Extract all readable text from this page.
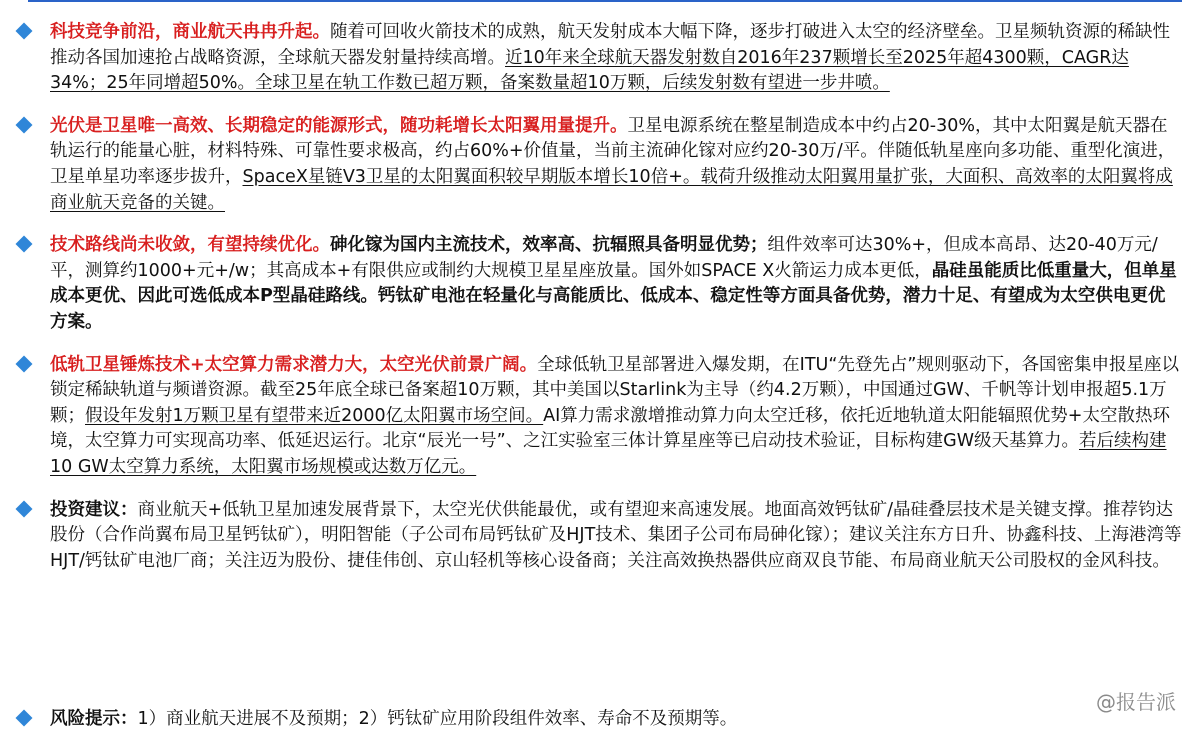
科技竞争前沿，商业航天冉冉升起。随着可回收火箭技术的成熟，航天发射成本大幅下降，逐步打破进入太空的经济壁垒。卫星频轨资源的稀缺性推动各国加速抢占战略资源，全球航天器发射量持续高增。近10年来全球航天器发射数自2016年237颗增长至2025年超4300颗，CAGR达34%；25年同增超50%。全球卫星在轨工作数已超万颗，备案数量超10万颗，后续发射数有望进一步井喷。
光伏是卫星唯一高效、长期稳定的能源形式，随功耗增长太阳翼用量提升。卫星电源系统在整星制造成本中约占20-30%，其中太阳翼是航天器在轨运行的能量心脏，材料特殊、可靠性要求极高，约占60%+价值量，当前主流砷化镓对应约20-30万/平。伴随低轨星座向多功能、重型化演进，卫星单星功率逐步拔升，SpaceX星链V3卫星的太阳翼面积较早期版本增长10倍+。载荷升级推动太阳翼用量扩张，大面积、高效率的太阳翼将成商业航天竞备的关键。
技术路线尚未收敛，有望持续优化。砷化镓为国内主流技术，效率高、抗辐照具备明显优势；组件效率可达30%+，但成本高昂、达20-40万元/平，测算约1000+元+/w；其高成本+有限供应或制约大规模卫星星座放量。国外如SPACE X火箭运力成本更低，晶硅虽能质比低重量大，但单星成本更优、因此可选低成本P型晶硅路线。钙钛矿电池在轻量化与高能质比、低成本、稳定性等方面具备优势，潜力十足、有望成为太空供电更优方案。
低轨卫星锤炼技术+太空算力需求潜力大，太空光伏前景广阔。全球低轨卫星部署进入爆发期，在ITU“先登先占”规则驱动下，各国密集申报星座以锁定稀缺轨道与频谱资源。截至25年底全球已备案超10万颗，其中美国以Starlink为主导（约4.2万颗），中国通过GW、千帆等计划申报超5.1万颗；假设年发射1万颗卫星有望带来近2000亿太阳翼市场空间。AI算力需求激增推动算力向太空迁移，依托近地轨道太阳能辐照优势+太空散热环境，太空算力可实现高功率、低延迟运行。北京“辰光一号”、之江实验室三体计算星座等已启动技术验证，目标构建GW级天基算力。若后续构建10 GW太空算力系统，太阳翼市场规模或达数万亿元。
投资建议：商业航天+低轨卫星加速发展背景下，太空光伏供能最优，或有望迎来高速发展。地面高效钙钛矿/晶硅叠层技术是关键支撑。推荐钧达股份（合作尚翼布局卫星钙钛矿），明阳智能（子公司布局钙钛矿及HJT技术、集团子公司布局砷化镓）；建议关注东方日升、协鑫科技、上海港湾等HJT/钙钛矿电池厂商；关注迈为股份、捷佳伟创、京山轻机等核心设备商；关注高效换热器供应商双良节能、布局商业航天公司股权的金风科技。
风险提示：1）商业航天进展不及预期；2）钙钛矿应用阶段组件效率、寿命不及预期等。
@报告派
